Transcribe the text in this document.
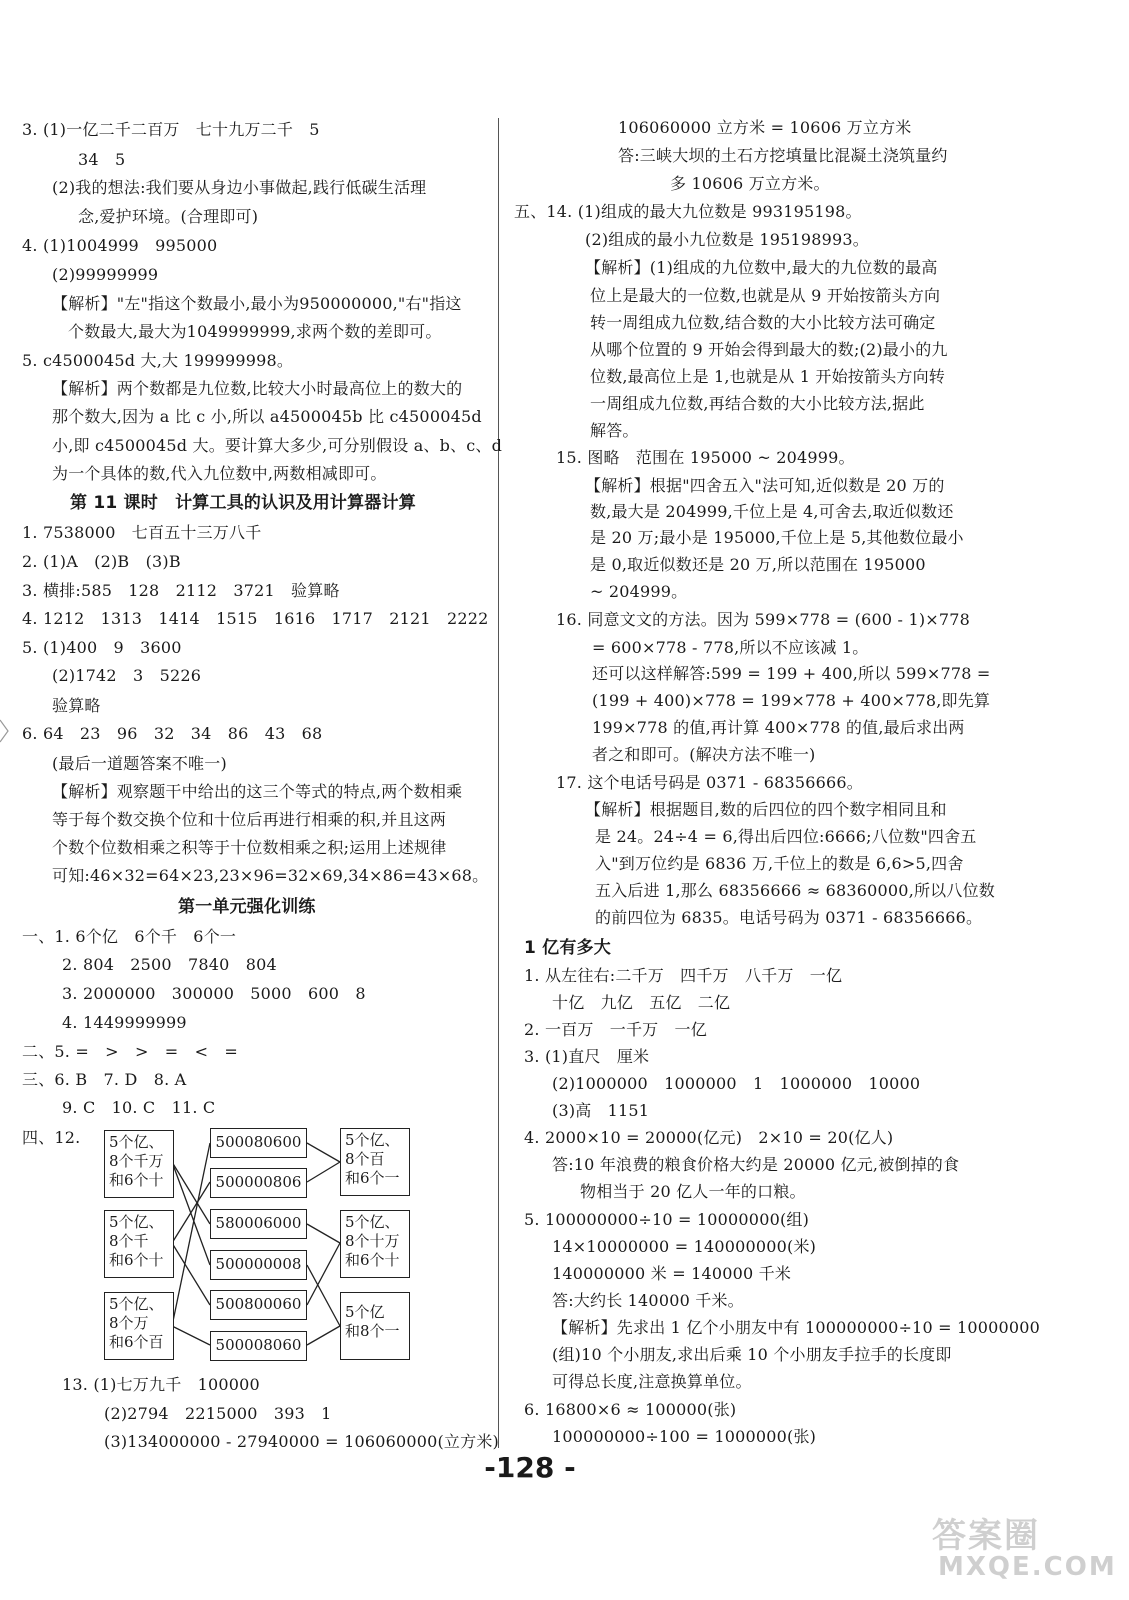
3. (1)一亿二千二百万　七十九万二千　5
34　5
(2)我的想法:我们要从身边小事做起,践行低碳生活理
念,爱护环境。(合理即可)
4. (1)1004999　995000
(2)99999999
【解析】"左"指这个数最小,最小为950000000,"右"指这
个数最大,最大为1049999999,求两个数的差即可。
5. c4500045d 大,大 199999998。
【解析】两个数都是九位数,比较大小时最高位上的数大的
那个数大,因为 a 比 c 小,所以 a4500045b 比 c4500045d
小,即 c4500045d 大。要计算大多少,可分别假设 a、b、c、d
为一个具体的数,代入九位数中,两数相减即可。
第 11 课时　计算工具的认识及用计算器计算
1. 7538000　七百五十三万八千
2. (1)A　(2)B　(3)B
3. 横排:585　128　2112　3721　验算略
4. 1212　1313　1414　1515　1616　1717　2121　2222
5. (1)400　9　3600
(2)1742　3　5226
验算略
6. 64　23　96　32　34　86　43　68
(最后一道题答案不唯一)
【解析】观察题干中给出的这三个等式的特点,两个数相乘
等于每个数交换个位和十位后再进行相乘的积,并且这两
个数个位数相乘之积等于十位数相乘之积;运用上述规律
可知:46×32=64×23,23×96=32×69,34×86=43×68。
第一单元强化训练
一、1. 6个亿　6个千　6个一
2. 804　2500　7840　804
3. 2000000　300000　5000　600　8
4. 1449999999
二、5. =　>　>　=　<　=
三、6. B　7. D　8. A
9. C　10. C　11. C
四、12. 5个亿、
8个千万
和6个十
5个亿、
8个千
和6个十
5个亿、
8个万
和6个百
500080600
500000806
580006000
500000008
500800060
500008060
5个亿、
8个百
和6个一
5个亿、
8个十万
和6个十
5个亿
和8个一
13. (1)七万九千　100000
(2)2794　2215000　393　1
(3)134000000 - 27940000 = 106060000(立方米)
106060000 立方米 = 10606 万立方米
答:三峡大坝的土石方挖填量比混凝土浇筑量约
多 10606 万立方米。
五、14. (1)组成的最大九位数是 993195198。
(2)组成的最小九位数是 195198993。
【解析】(1)组成的九位数中,最大的九位数的最高
位上是最大的一位数,也就是从 9 开始按箭头方向
转一周组成九位数,结合数的大小比较方法可确定
从哪个位置的 9 开始会得到最大的数;(2)最小的九
位数,最高位上是 1,也就是从 1 开始按箭头方向转
一周组成九位数,再结合数的大小比较方法,据此
解答。
15. 图略　范围在 195000 ~ 204999。
【解析】根据"四舍五入"法可知,近似数是 20 万的
数,最大是 204999,千位上是 4,可舍去,取近似数还
是 20 万;最小是 195000,千位上是 5,其他数位最小
是 0,取近似数还是 20 万,所以范围在 195000
~ 204999。
16. 同意文文的方法。因为 599×778 = (600 - 1)×778
= 600×778 - 778,所以不应该减 1。
还可以这样解答:599 = 199 + 400,所以 599×778 =
(199 + 400)×778 = 199×778 + 400×778,即先算
199×778 的值,再计算 400×778 的值,最后求出两
者之和即可。(解决方法不唯一)
17. 这个电话号码是 0371 - 68356666。
【解析】根据题目,数的后四位的四个数字相同且和
是 24。24÷4 = 6,得出后四位:6666;八位数"四舍五
入"到万位约是 6836 万,千位上的数是 6,6>5,四舍
五入后进 1,那么 68356666 ≈ 68360000,所以八位数
的前四位为 6835。电话号码为 0371 - 68356666。
1 亿有多大
1. 从左往右:二千万　四千万　八千万　一亿
十亿　九亿　五亿　二亿
2. 一百万　一千万　一亿
3. (1)直尺　厘米
(2)1000000　1000000　1　1000000　10000
(3)高　1151
4. 2000×10 = 20000(亿元)　2×10 = 20(亿人)
答:10 年浪费的粮食价格大约是 20000 亿元,被倒掉的食
物相当于 20 亿人一年的口粮。
5. 100000000÷10 = 10000000(组)
14×10000000 = 140000000(米)
140000000 米 = 140000 千米
答:大约长 140000 千米。
【解析】先求出 1 亿个小朋友中有 100000000÷10 = 10000000
(组)10 个小朋友,求出后乘 10 个小朋友手拉手的长度即
可得总长度,注意换算单位。
6. 16800×6 ≈ 100000(张)
100000000÷100 = 1000000(张)
-128 -
答案圈
MXQE.COM
